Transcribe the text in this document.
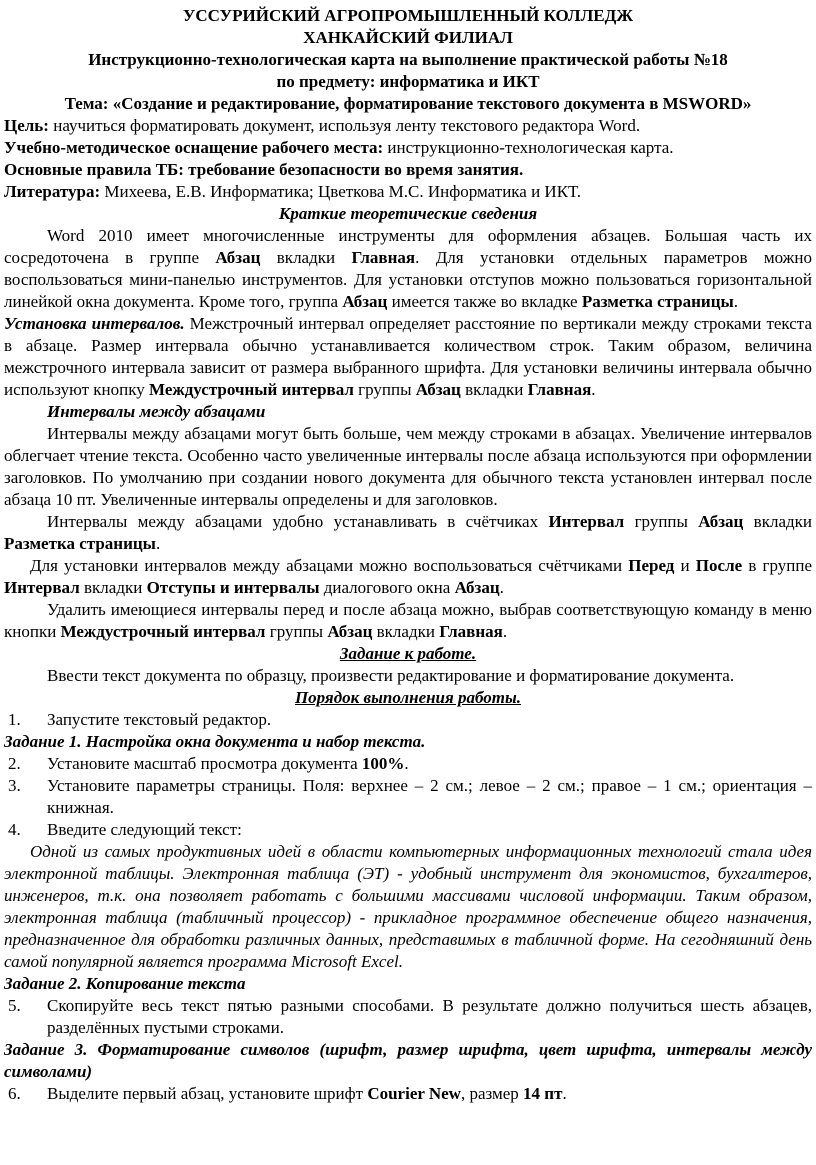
УССУРИЙСКИЙ АГРОПРОМЫШЛЕННЫЙ КОЛЛЕДЖ
ХАНКАЙСКИЙ ФИЛИАЛ
Инструкционно-технологическая карта на выполнение практической работы №18
по предмету: информатика и ИКТ
Тема: «Создание и редактирование, форматирование текстового документа в MSWORD»
Цель: научиться форматировать документ, используя ленту текстового редактора Word.
Учебно-методическое оснащение рабочего места: инструкционно-технологическая карта.
Основные правила ТБ: требование безопасности во время занятия.
Литература: Михеева, Е.В. Информатика; Цветкова М.С. Информатика и ИКТ.
Краткие теоретические сведения
Word 2010 имеет многочисленные инструменты для оформления абзацев. Большая часть их сосредоточена в группе Абзац вкладки Главная. Для установки отдельных параметров можно воспользоваться мини-панелью инструментов. Для установки отступов можно пользоваться горизонтальной линейкой окна документа. Кроме того, группа Абзац имеется также во вкладке Разметка страницы.
Установка интервалов. Межстрочный интервал определяет расстояние по вертикали между строками текста в абзаце. Размер интервала обычно устанавливается количеством строк. Таким образом, величина межстрочного интервала зависит от размера выбранного шрифта. Для установки величины интервала обычно используют кнопку Междустрочный интервал группы Абзац вкладки Главная.
Интервалы между абзацами
Интервалы между абзацами могут быть больше, чем между строками в абзацах. Увеличение интервалов облегчает чтение текста. Особенно часто увеличенные интервалы после абзаца используются при оформлении заголовков. По умолчанию при создании нового документа для обычного текста установлен интервал после абзаца 10 пт. Увеличенные интервалы определены и для заголовков.
Интервалы между абзацами удобно устанавливать в счётчиках Интервал группы Абзац вкладки Разметка страницы.
Для установки интервалов между абзацами можно воспользоваться счётчиками Перед и После в группе Интервал вкладки Отступы и интервалы диалогового окна Абзац.
Удалить имеющиеся интервалы перед и после абзаца можно, выбрав соответствующую команду в меню кнопки Междустрочный интервал группы Абзац вкладки Главная.
Задание к работе.
Ввести текст документа по образцу, произвести редактирование и форматирование документа.
Порядок выполнения работы.
1. Запустите текстовый редактор.
Задание 1. Настройка окна документа и набор текста.
2. Установите масштаб просмотра документа 100%.
3. Установите параметры страницы. Поля: верхнее – 2 см.; левое – 2 см.; правое – 1 см.; ориентация – книжная.
4. Введите следующий текст:
Одной из самых продуктивных идей в области компьютерных информационных технологий стала идея электронной таблицы. Электронная таблица (ЭТ) - удобный инструмент для экономистов, бухгалтеров, инженеров, т.к. она позволяет работать с большими массивами числовой информации. Таким образом, электронная таблица (табличный процессор) - прикладное программное обеспечение общего назначения, предназначенное для обработки различных данных, представимых в табличной форме. На сегодняшний день самой популярной является программа Microsoft Excel.
Задание 2. Копирование текста
5. Скопируйте весь текст пятью разными способами. В результате должно получиться шесть абзацев, разделённых пустыми строками.
Задание 3. Форматирование символов (шрифт, размер шрифта, цвет шрифта, интервалы между символами)
6. Выделите первый абзац, установите шрифт Courier New, размер 14 пт.
